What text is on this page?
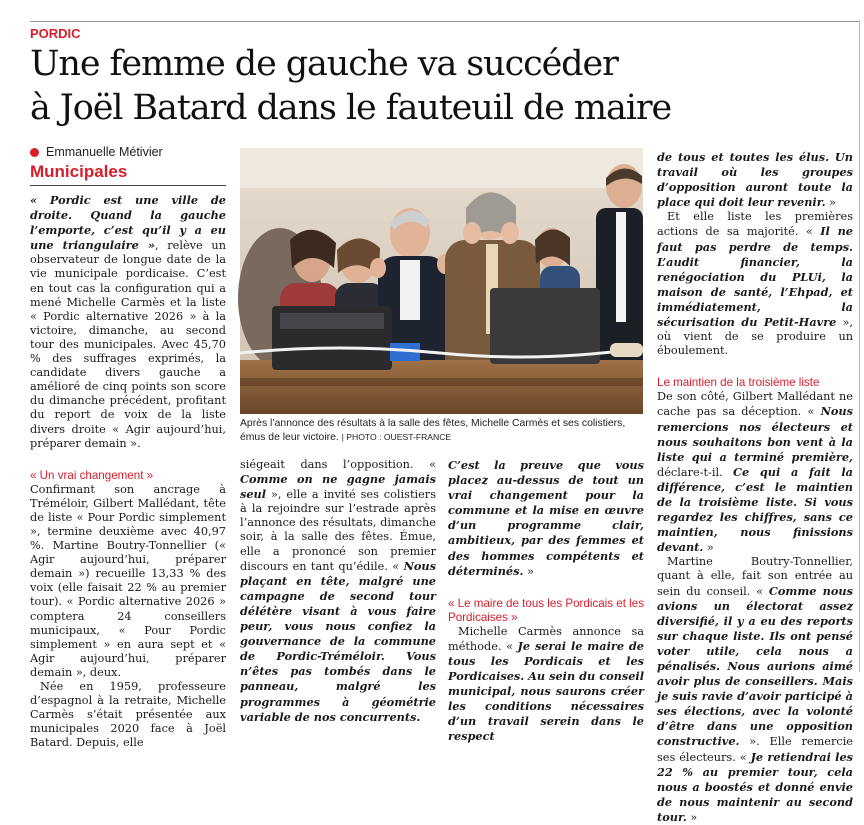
PORDIC
Une femme de gauche va succéder
à Joël Batard dans le fauteuil de maire
Emmanuelle Métivier
Municipales

« Pordic est une ville de droite. Quand la gauche l’emporte, c’est qu’il y a eu une triangulaire », relève un observateur de longue date de la vie municipale pordicaise. C’est en tout cas la configuration qui a mené Michelle Carmès et la liste « Pordic alternative 2026 » à la victoire, dimanche, au second tour des municipales. Avec 45,70 % des suffrages exprimés, la candidate divers gauche a amélioré de cinq points son score du dimanche précédent, profitant du report de voix de la liste divers droite « Agir aujourd’hui, préparer demain ».

« Un vrai changement »

Confirmant son ancrage à Tréméloir, Gilbert Mallédant, tête de liste « Pour Pordic simplement », termine deuxième avec 40,97 %. Martine Boutry-Tonnellier (« Agir aujourd’hui, préparer demain ») recueille 13,33 % des voix (elle faisait 22 % au premier tour). « Pordic alternative 2026 » comptera 24 conseillers municipaux, « Pour Pordic simplement » en aura sept et « Agir aujourd’hui, préparer demain », deux.

Née en 1959, professeure d’espagnol à la retraite, Michelle Carmès s’était présentée aux municipales 2020 face à Joël Batard. Depuis, elle

Après l’annonce des résultats à la salle des fêtes, Michelle Carmès et ses colistiers, émus de leur victoire. | PHOTO : OUEST-FRANCE

siégeait dans l’opposition. « Comme on ne gagne jamais seul », elle a invité ses colistiers à la rejoindre sur l’estrade après l’annonce des résultats, dimanche soir, à la salle des fêtes. Émue, elle a prononcé son premier discours en tant qu’édile. « Nous plaçant en tête, malgré une campagne de second tour délétère visant à vous faire peur, vous nous confiez la gouvernance de la commune de Pordic-Tréméloir. Vous n’êtes pas tombés dans le panneau, malgré les programmes à géométrie variable de nos concurrents.

C’est la preuve que vous placez au-dessus de tout un vrai changement pour la commune et la mise en œuvre d’un programme clair, ambitieux, par des femmes et des hommes compétents et déterminés. »

« Le maire de tous les Pordicais et les Pordicaises »

Michelle Carmès annonce sa méthode. « Je serai le maire de tous les Pordicais et les Pordicaises. Au sein du conseil municipal, nous saurons créer les conditions nécessaires d’un travail serein dans le respect

de tous et toutes les élus. Un travail où les groupes d’opposition auront toute la place qui doit leur revenir. »

Et elle liste les premières actions de sa majorité. « Il ne faut pas perdre de temps. L’audit financier, la renégociation du PLUi, la maison de santé, l’Ehpad, et immédiatement, la sécurisation du Petit-Havre », où vient de se produire un éboulement.

Le maintien de la troisième liste

De son côté, Gilbert Mallédant ne cache pas sa déception. « Nous remercions nos électeurs et nous souhaitons bon vent à la liste qui a terminé première, déclare-t-il. Ce qui a fait la différence, c’est le maintien de la troisième liste. Si vous regardez les chiffres, sans ce maintien, nous finissions devant. »

Martine Boutry-Tonnellier, quant à elle, fait son entrée au sein du conseil. « Comme nous avions un électorat assez diversifié, il y a eu des reports sur chaque liste. Ils ont pensé voter utile, cela nous a pénalisés. Nous aurions aimé avoir plus de conseillers. Mais je suis ravie d’avoir participé à ses élections, avec la volonté d’être dans une opposition constructive. ». Elle remercie ses électeurs. « Je retiendrai les 22 % au premier tour, cela nous a boostés et donné envie de nous maintenir au second tour. »
